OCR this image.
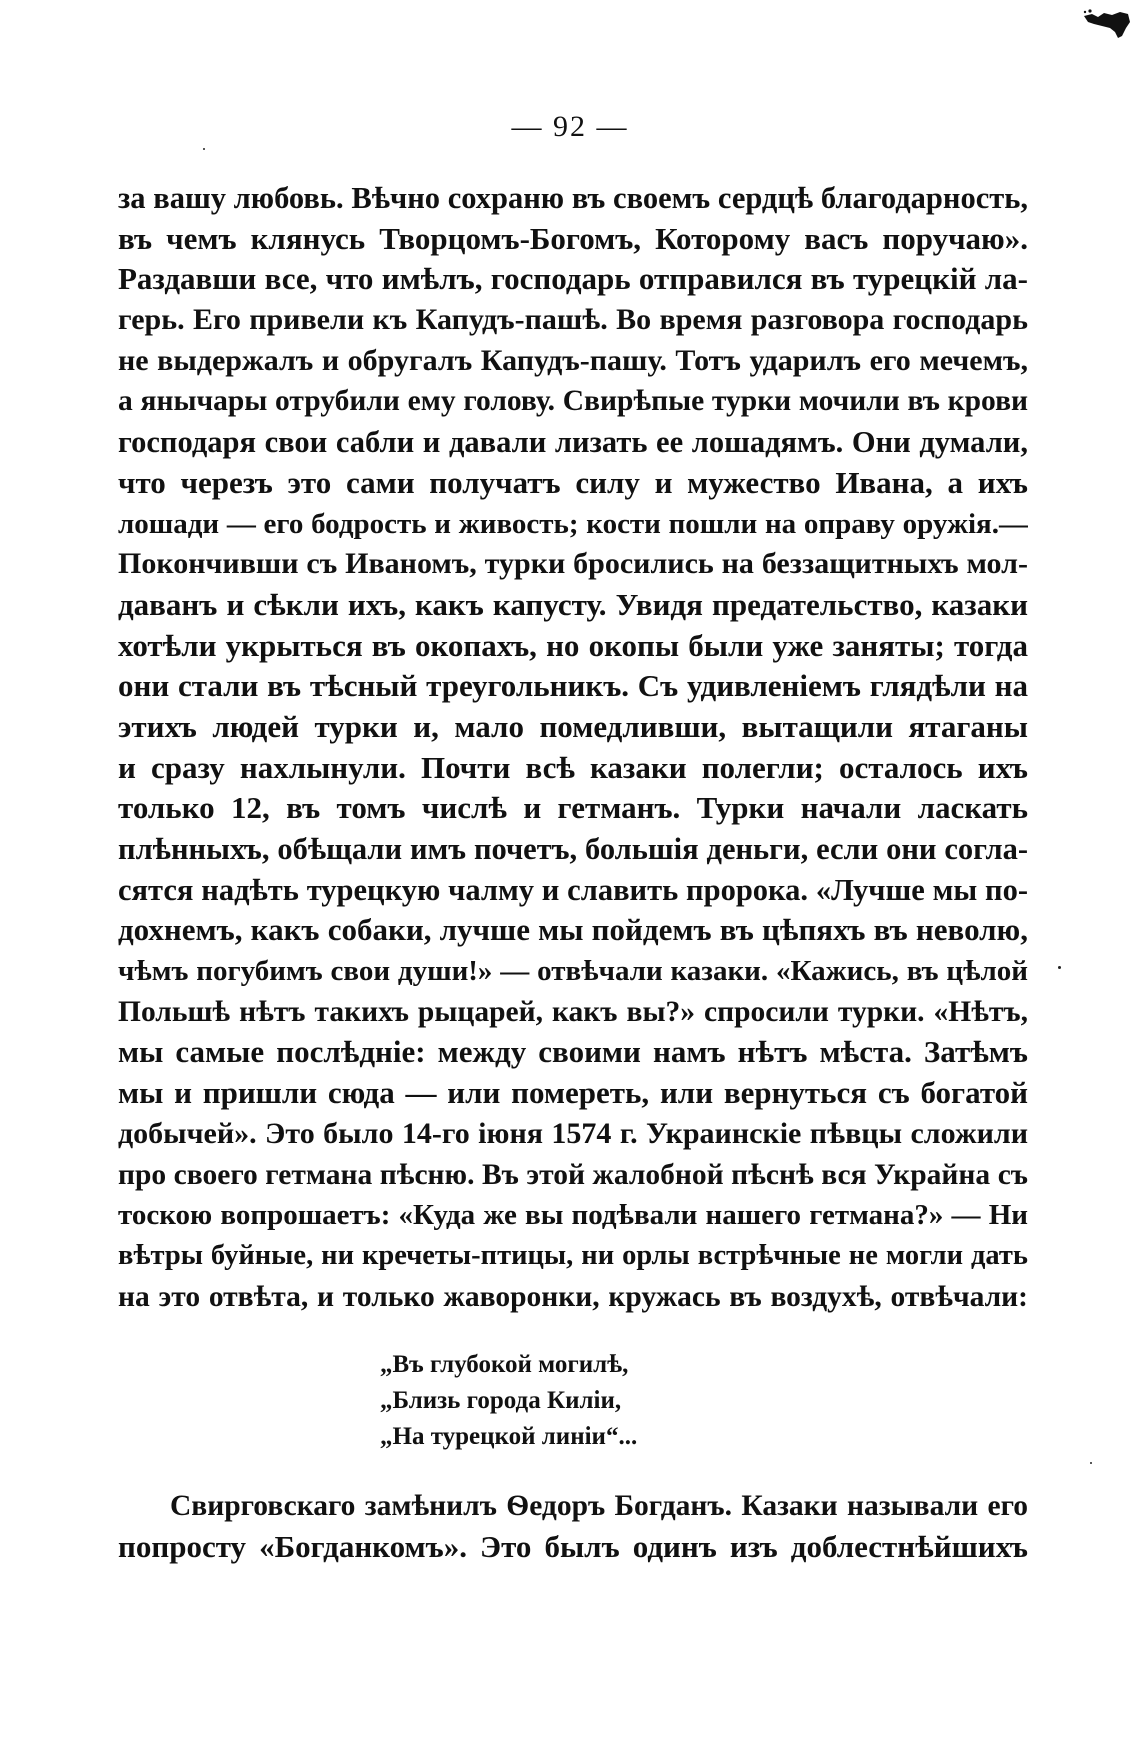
— 92 —
за вашу любовь. Вѣчно сохраню въ своемъ сердцѣ благодарность,
въ чемъ клянусь Творцомъ-Богомъ, Которому васъ поручаю».
Раздавши все, что имѣлъ, господарь отправился въ турецкій ла-
герь. Его привели къ Капудъ-пашѣ. Во время разговора господарь
не выдержалъ и обругалъ Капудъ-пашу. Тотъ ударилъ его мечемъ,
а янычары отрубили ему голову. Свирѣпые турки мочили въ крови
господаря свои сабли и давали лизать ее лошадямъ. Они думали,
что черезъ это сами получатъ силу и мужество Ивана, а ихъ
лошади — его бодрость и живость; кости пошли на оправу оружія.—
Покончивши съ Иваномъ, турки бросились на беззащитныхъ мол-
даванъ и сѣкли ихъ, какъ капусту. Увидя предательство, казаки
хотѣли укрыться въ окопахъ, но окопы были уже заняты; тогда
они стали въ тѣсный треугольникъ. Съ удивленіемъ глядѣли на
этихъ людей турки и, мало помедливши, вытащили ятаганы
и сразу нахлынули. Почти всѣ казаки полегли; осталось ихъ
только 12, въ томъ числѣ и гетманъ. Турки начали ласкать
плѣнныхъ, обѣщали имъ почетъ, большія деньги, если они согла-
сятся надѣть турецкую чалму и славить пророка. «Лучше мы по-
дохнемъ, какъ собаки, лучше мы пойдемъ въ цѣпяхъ въ неволю,
чѣмъ погубимъ свои души!» — отвѣчали казаки. «Кажись, въ цѣлой
Польшѣ нѣтъ такихъ рыцарей, какъ вы?» спросили турки. «Нѣтъ,
мы самые послѣдніе: между своими намъ нѣтъ мѣста. Затѣмъ
мы и пришли сюда — или помереть, или вернуться съ богатой
добычей». Это было 14-го іюня 1574 г. Украинскіе пѣвцы сложили
про своего гетмана пѣсню. Въ этой жалобной пѣснѣ вся Украйна съ
тоскою вопрошаетъ: «Куда же вы подѣвали нашего гетмана?» — Ни
вѣтры буйные, ни кречеты-птицы, ни орлы встрѣчные не могли дать
на это отвѣта, и только жаворонки, кружась въ воздухѣ, отвѣчали:
„Въ глубокой могилѣ,
„Близь города Киліи,
„На турецкой линіи“...
Свирговскаго замѣнилъ Ѳедоръ Богданъ. Казаки называли его
попросту «Богданкомъ». Это былъ одинъ изъ доблестнѣйшихъ
